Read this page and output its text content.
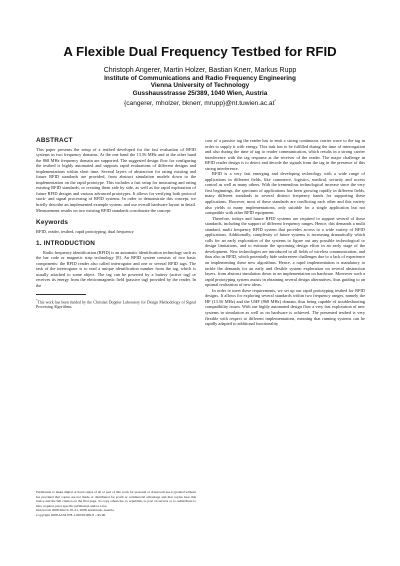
A Flexible Dual Frequency Testbed for RFID
Christoph Angerer, Martin Holzer, Bastian Knerr, Markus Rupp
Institute of Communications and Radio Frequency Engineering
Vienna University of Technology
Gusshausstrasse 25/389, 1040 Wien, Austria
{cangerer, mholzer, bknerr, mrupp}@nt.tuwien.ac.at*
ABSTRACT

This paper presents the setup of a testbed developed for the fast evaluation of RFID systems in two frequency domains. At the one hand the 13.56 MHz and at the other hand the 868 MHz frequency domain are supported. The suggested design flow for configuring the testbed is highly automated and supports rapid evaluations of different designs and implementations within short time. Several layers of abstraction for rating existing and future RFID standards are provided, from abstract simulation models down to the implementation on the rapid prototype. This includes a fast setup for measuring and rating existing RFID standards, or creating them side by side, as well as the rapid exploration of future RFID designs and various advanced prototypes. It allows for verifying both protocol stack- and signal processing of RFID systems. In order to demonstrate this concept, we briefly describe an implemented example system, and our overall hardware layout in detail. Measurement results on two existing RFID standards corroborate the concept.

Keywords

RFID, reader, testbed, rapid prototyping, dual frequency

1. INTRODUCTION

Radio frequency identification (RFID) is an automatic identification technology such as the bar code or magnetic strip technology [8]. An RFID system consists of two basic components: the RFID reader also called interrogator and one or several RFID tags. The task of the interrogator is to read a unique identification number from the tag, which is usually attached to some object. The tag can be powered by a battery (active tag) or receives its energy from the electromagnetic field (passive tag) provided by the reader. In the

*This work has been funded by the Christian Doppler Laboratory for Design Methodology of Signal Processing Algorithms.
Permission to make digital or hard copies of all or part of this work for personal or classroom use is granted without fee provided that copies are not made or distributed for profit or commercial advantage and that copies bear this notice and the full citation on the first page. To copy otherwise, to republish, to post on servers or to redistribute to lists, requires prior specific permission and/or a fee.
Dslowcom 2008 March 19–21, 2008, Innsbruck, Austria.
Copyright 2008 ACM 978-1-60558-009-8 ...$5.00.

case of a passive tag the reader has to emit a strong continuous carrier wave to the tag in order to supply it with energy. This task has to be fulfilled during the time of interrogation and also during the time of tag to reader communication, which results in a strong carrier interference with the tag response at the receiver of the reader. The major challenge in RFID reader design is to detect and decode the signals from the tag in the presence of this strong interference.

RFID is a very fast emerging and developing technology with a wide range of applications in different fields, like commerce, logistics, medical, security and access control as well as many others. With the tremendous technological increase since the very first beginnings, the spectrum of applications has been growing rapidly in different fields, many different standards in several distinct frequency bands for supporting these applications. However, most of these standards are conflicting each other and this variety also yields to many implementations, only suitable for a single application but not compatible with other RFID equipment.

Therefore, todays and future RFID systems are required to support several of these standards, including the support of different frequency ranges. Hence, this demands a multi standard, multi frequency RFID system that provides access to a wide variety of RFID applications. Additionally, complexity of future systems is increasing dramatically which calls for an early exploration of the systems to figure out any possible technological or design limitations, and to estimate the upcoming design effort in an early stage of the development. New technologies are introduced in all fields of wireless communication, and thus also in RFID, which potentially hide unforeseen challenges due to a lack of experience on implementing these new algorithms. Hence, a rapid implementation is mandatory to tackle the demands for an early and flexible system exploration on several abstraction layers, from abstract simulation down to an implementation on hardware. Moreover such a rapid prototyping system assists in obtaining several design alternatives, thus guiding to an optimal realization of new ideas.

In order to meet these requirements, we set up our rapid prototyping testbed for RFID designs. It allows for exploring several standards within two frequency ranges, namely the HF (13.56 MHz) and the UHF (868 MHz) domain, thus being capable of troubleshooting compatibility issues. With our highly automated design flow a very fast exploration of new systems in simulation as well as on hardware is achieved. The presented testbed is very flexible with respect to different implementations, meaning that running systems can be rapidly adapted to additional functionality
